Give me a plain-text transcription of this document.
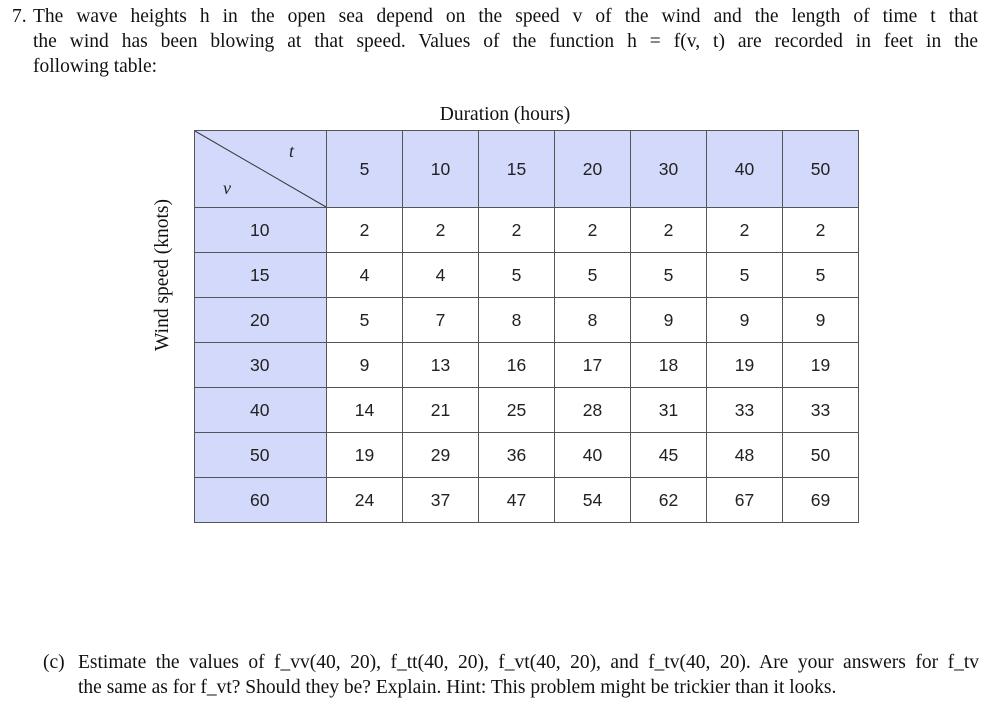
7. The wave heights h in the open sea depend on the speed v of the wind and the length of time t that
the wind has been blowing at that speed. Values of the function h = f(v, t) are recorded in feet in the
following table:
Duration (hours)
Wind speed (knots)
t
v	5	10	15	20	30	40	50
10	2	2	2	2	2	2	2
15	4	4	5	5	5	5	5
20	5	7	8	8	9	9	9
30	9	13	16	17	18	19	19
40	14	21	25	28	31	33	33
50	19	29	36	40	45	48	50
60	24	37	47	54	62	67	69
(c) Estimate the values of f_vv(40, 20), f_tt(40, 20), f_vt(40, 20), and f_tv(40, 20). Are your answers for f_tv
the same as for f_vt? Should they be? Explain. Hint: This problem might be trickier than it looks.
